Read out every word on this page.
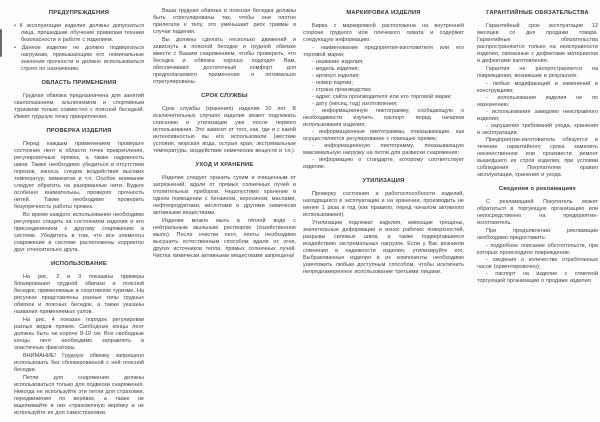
ПРЕДУПРЕЖДЕНИЯ
• К эксплуатации изделия должны допускаться лица, прошедшие обучение правилам техники безопасности и работе с изделием.
• Данное изделие не должно подвергаться нагрузкам, превышающим его номинальные значения прочности и должно использоваться строго по назначению.
ОБЛАСТЬ ПРИМЕНЕНИЯ
Грудная обвязка предназначена для занятий скалолазанием, альпинизмом и спортивным туризмом только совместно с поясной беседкой. Имеет грудную точку прикрепления.
ПРОВЕРКА ИЗДЕЛИЯ
Перед каждым применением проверьте состояние лент в области точек прикрепления, регулировочных пряжек, а также надежность швов. Также необходимо убедиться в отсутствии порезов, износа, следов воздействия высоких температур, химикатов и т.п. Особое внимание следует обратить на разорванные нити. Будьте особенно внимательны, проверяя прочность нитей. Также необходимо проверить безупречность работы пряжек.
Во время каждого использования необходимо регулярно следить за состоянием изделия и его присоединением к другому снаряжению в системе. Убедитесь в том, что все элементы снаряжения в системе расположены корректно друг относительно друга.
ИСПОЛЬЗОВАНИЕ
На рис. 2 и 3 показаны примеры блокирования грудной обвязки и поясной беседки, применяемые в спортивном туризме. На рисунках представлены разные типы грудных обвязок и поясных беседок, а также указаны названия применяемых узлов.
На рис. 4 показан порядок регулировки разных видов пряжек. Свободные концы лент должны быть не короче 8-10 см. Все свободные концы лент необходимо заправлять в эластичные фиксаторы.
ВНИМАНИЕ! Грудную обвязку запрещено использовать без сблокированной с ней поясной беседки.
Петли для снаряжения должны использоваться только для подвески снаряжения. Никогда не используйте эти петли для страховки, передвижения по верёвке, а также не вщелкивайте в них страховочную верёвку и не используйте их для самостраховки.
Ваша грудная обвязка и поясная беседка должны быть отрегулированы так, чтобы они плотно прилегали к телу, это уменьшает риск травмы в случае падения.
Вы должны сделать несколько движений и зависнуть в поясной беседке и грудной обвязке вместе с Вашим снаряжением, чтобы проверить, что беседка и обвязка хорошо подходят Вам, обеспечивают достаточный комфорт для предполагаемого применения и оптимально отрегулированы.
СРОК СЛУЖБЫ
Срок службы (хранения) изделия 10 лет. В исключительных случаях изделие может подлежать списанию и утилизации уже после первого использования. Это зависит от того, как, где и с какой интенсивностью вы его использовали (жесткие условия, морская вода, острые края, экстремальные температуры, воздействие химических веществ и т.п.).
УХОД И ХРАНЕНИЕ
Изделие следует хранить сухим и очищенным от загрязнений, вдали от прямых солнечных лучей и отопительных приборов. Недопустимо хранение в одном помещении с бензином, керосином, маслами, нефтепродуктами, кислотами и другими химически активными веществами.
Изделие можно мыть в тёплой воде с нейтральным мыльным раствором (хозяйственное мыло). После очистки лент, ленты необходимо высушить естественным способом вдали от огня, других источников тепла, прямых солнечных лучей. Чистка химически активными веществами запрещена!
МАРКИРОВКА ИЗДЕЛИЯ
Бирка с маркировкой расположена на внутренней стороне грудного или плечевого охвата и содержит следующую информацию:
- наименование предприятия-изготовителя или его торговой марки;
- название изделия;
- модель изделия;
- артикул изделия;
- номер партии;
- страна производства;
- адрес сайта производителя или его торговой марки;
- дату (месяц, год) изготовления;
- информационную пиктограмму, сообщающую о необходимости изучить паспорт перед началом использования изделия;
- информационные пиктограммы, показывающие, как осуществляется регулирование с помощью пряжек;
- информационную пиктограмму, показывающую максимальную нагрузку на петли для развески снаряжения;
- информацию о стандарте, которому соответствует изделие.
УТИЛИЗАЦИЯ
Проверку состояния и работоспособности изделий, находящихся в эксплуатации и на хранении, производить не менее 1 раза в год (как правило, перед началом активного использования).
Утилизации подлежат изделия, имеющие трещины, значительные деформации и износ рабочих поверхностей, разрывы силовых швов, а также подвергавшиеся воздействию экстремальных нагрузок. Если у Вас возникли сомнения в надежности изделия, утилизируйте его. Выбракованные изделия и их компоненты необходимо уничтожить любым доступным способом, чтобы исключить непреднамеренное использование третьими лицами.
ГАРАНТИЙНЫЕ ОБЯЗАТЕЛЬСТВА
Гарантийный срок эксплуатации 12 месяцев со дня продажи товара. Гарантийные обязательства распространяются только на неисправности изделия, связанные с дефектами материалов и дефектами изготовления.
Гарантия не распространяется на повреждения, возникшие в результате:
- любых модификаций и изменений в конструкциям;
- использования изделия не по назначению;
- использования заведомо неисправного изделия;
- нарушения требований ухода, хранения и эксплуатации.
Предприятие-изготовитель обязуется в течение гарантийного срока заменить некачественное или произвести ремонт вышедшего из строя изделия, при условии соблюдения Покупателем правил эксплуатации, хранения и ухода.
Сведения о рекламациях
С рекламацией Покупатель может обратиться в торгующую организацию или непосредственно на предприятие-изготовитель.
При предъявлении рекламации необходимо предоставить:
- подробное описание обстоятельств, при которых происходило повреждение;
- сведения о количестве отработанных часов (ориентировочно);
- паспорт на изделие с отметкой торгующей организации о продаже изделия.
